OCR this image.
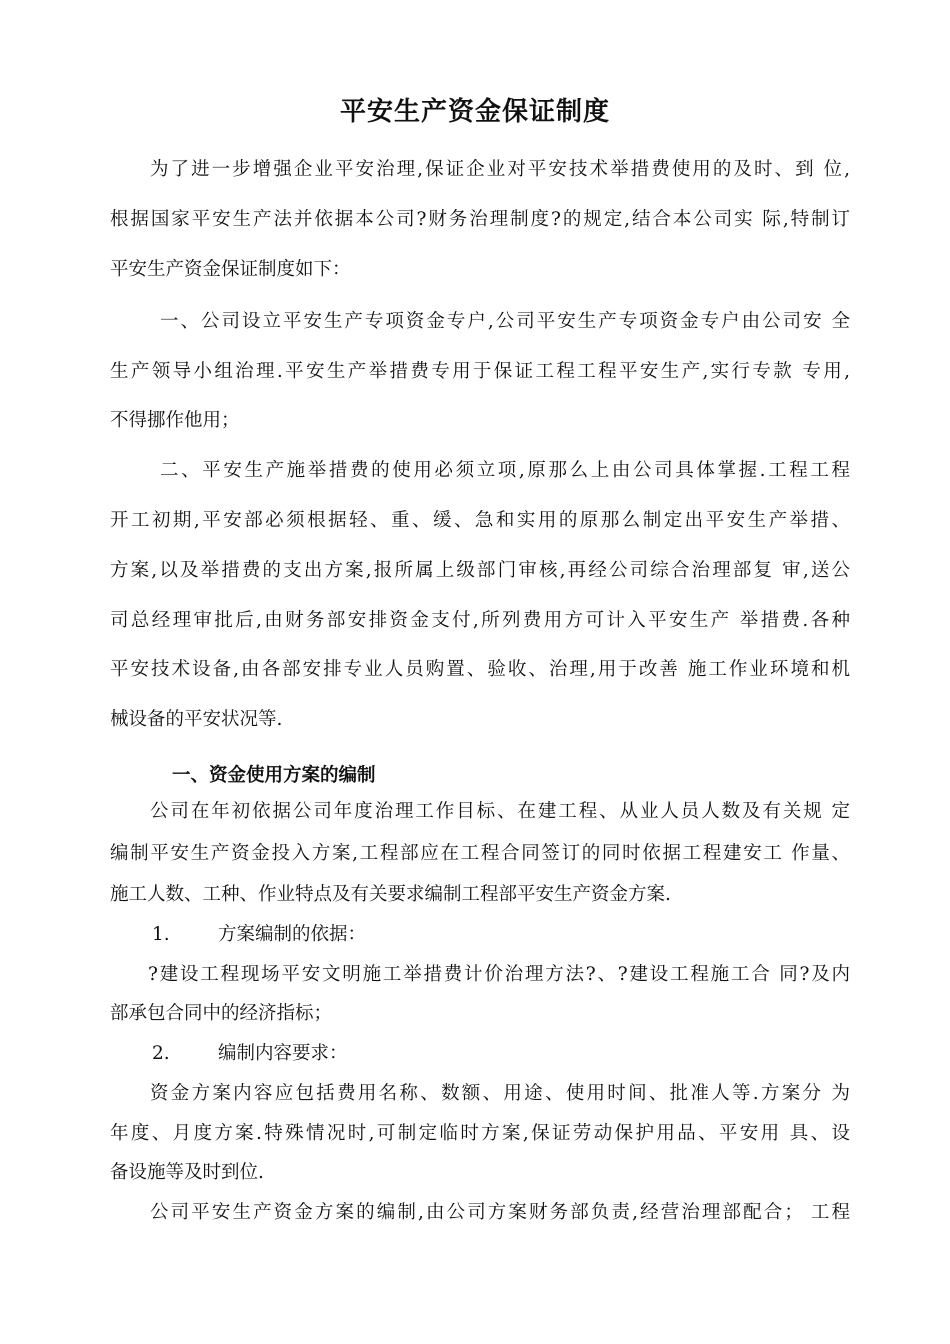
平安生产资金保证制度

为了进一步增强企业平安治理,保证企业对平安技术举措费使用的及时、到 位,

根据国家平安生产法并依据本公司?财务治理制度?的规定,结合本公司实 际,特制订

平安生产资金保证制度如下：

一、公司设立平安生产专项资金专户,公司平安生产专项资金专户由公司安 全

生产领导小组治理.平安生产举措费专用于保证工程工程平安生产,实行专款 专用,

不得挪作他用；

二、平安生产施举措费的使用必须立项,原那么上由公司具体掌握.工程工程

开工初期,平安部必须根据轻、重、缓、急和实用的原那么制定出平安生产举措、

方案,以及举措费的支出方案,报所属上级部门审核,再经公司综合治理部复 审,送公

司总经理审批后,由财务部安排资金支付,所列费用方可计入平安生产 举措费.各种

平安技术设备,由各部安排专业人员购置、验收、治理,用于改善 施工作业环境和机

械设备的平安状况等.

一、资金使用方案的编制

公司在年初依据公司年度治理工作目标、在建工程、从业人员人数及有关规 定

编制平安生产资金投入方案,工程部应在工程合同签订的同时依据工程建安工 作量、

施工人数、工种、作业特点及有关要求编制工程部平安生产资金方案.

1.	方案编制的依据：

?建设工程现场平安文明施工举措费计价治理方法?、?建设工程施工合 同?及内

部承包合同中的经济指标；

2.	编制内容要求：

资金方案内容应包括费用名称、数额、用途、使用时间、批准人等.方案分 为

年度、月度方案.特殊情况时,可制定临时方案,保证劳动保护用品、平安用 具、设

备设施等及时到位.

公司平安生产资金方案的编制,由公司方案财务部负责,经营治理部配合； 工程
